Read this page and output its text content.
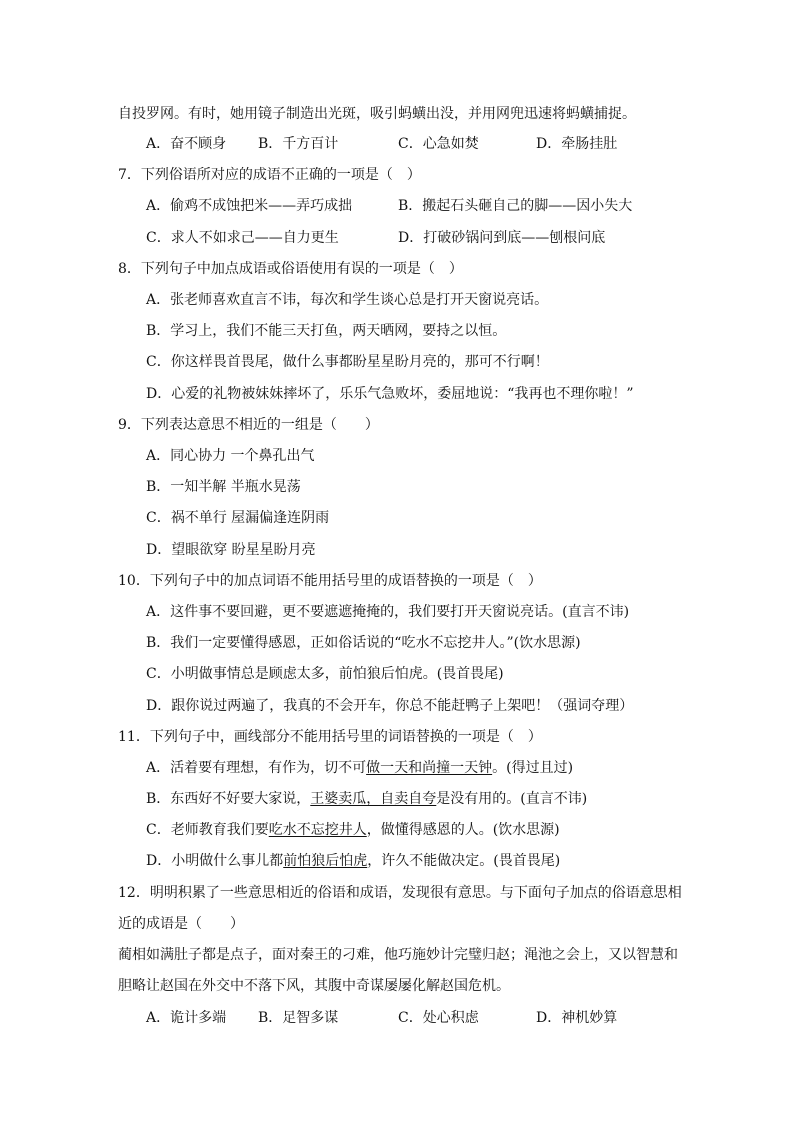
自投罗网。有时，她用镜子制造出光斑，吸引蚂蟥出没，并用网兜迅速将蚂蟥捕捉。
A．奋不顾身 B．千方百计	C．心急如焚	D．牵肠挂肚
7．下列俗语所对应的成语不正确的一项是（　）
A．偷鸡不成蚀把米——弄巧成拙	B．搬起石头砸自己的脚——因小失大
C．求人不如求己——自力更生	D．打破砂锅问到底——刨根问底
8．下列句子中加点成语或俗语使用有误的一项是（　）
A．张老师喜欢直言不讳，每次和学生谈心总是打开天窗说亮话。
B．学习上，我们不能三天打鱼，两天晒网，要持之以恒。
C．你这样畏首畏尾，做什么事都盼星星盼月亮的，那可不行啊！
D．心爱的礼物被妹妹摔坏了，乐乐气急败坏，委屈地说：“我再也不理你啦！”
9．下列表达意思不相近的一组是（　　）
A．同心协力 一个鼻孔出气
B．一知半解 半瓶水晃荡
C．祸不单行 屋漏偏逢连阴雨
D．望眼欲穿 盼星星盼月亮
10．下列句子中的加点词语不能用括号里的成语替换的一项是（　）
A．这件事不要回避，更不要遮遮掩掩的，我们要打开天窗说亮话。(直言不讳)
B．我们一定要懂得感恩，正如俗话说的“吃水不忘挖井人。”(饮水思源)
C．小明做事情总是顾虑太多，前怕狼后怕虎。(畏首畏尾)
D．跟你说过两遍了，我真的不会开车，你总不能赶鸭子上架吧！（强词夺理）
11．下列句子中，画线部分不能用括号里的词语替换的一项是（　）
A．活着要有理想，有作为，切不可做一天和尚撞一天钟。(得过且过)
B．东西好不好要大家说，王婆卖瓜，自卖自夸是没有用的。(直言不讳)
C．老师教育我们要吃水不忘挖井人，做懂得感恩的人。(饮水思源)
D．小明做什么事儿都前怕狼后怕虎，许久不能做决定。(畏首畏尾)
12．明明积累了一些意思相近的俗语和成语，发现很有意思。与下面句子加点的俗语意思相
近的成语是（　　）
蔺相如满肚子都是点子，面对秦王的刁难，他巧施妙计完璧归赵；渑池之会上，又以智慧和
胆略让赵国在外交中不落下风，其腹中奇谋屡屡化解赵国危机。
A．诡计多端 B．足智多谋	C．处心积虑	D．神机妙算
